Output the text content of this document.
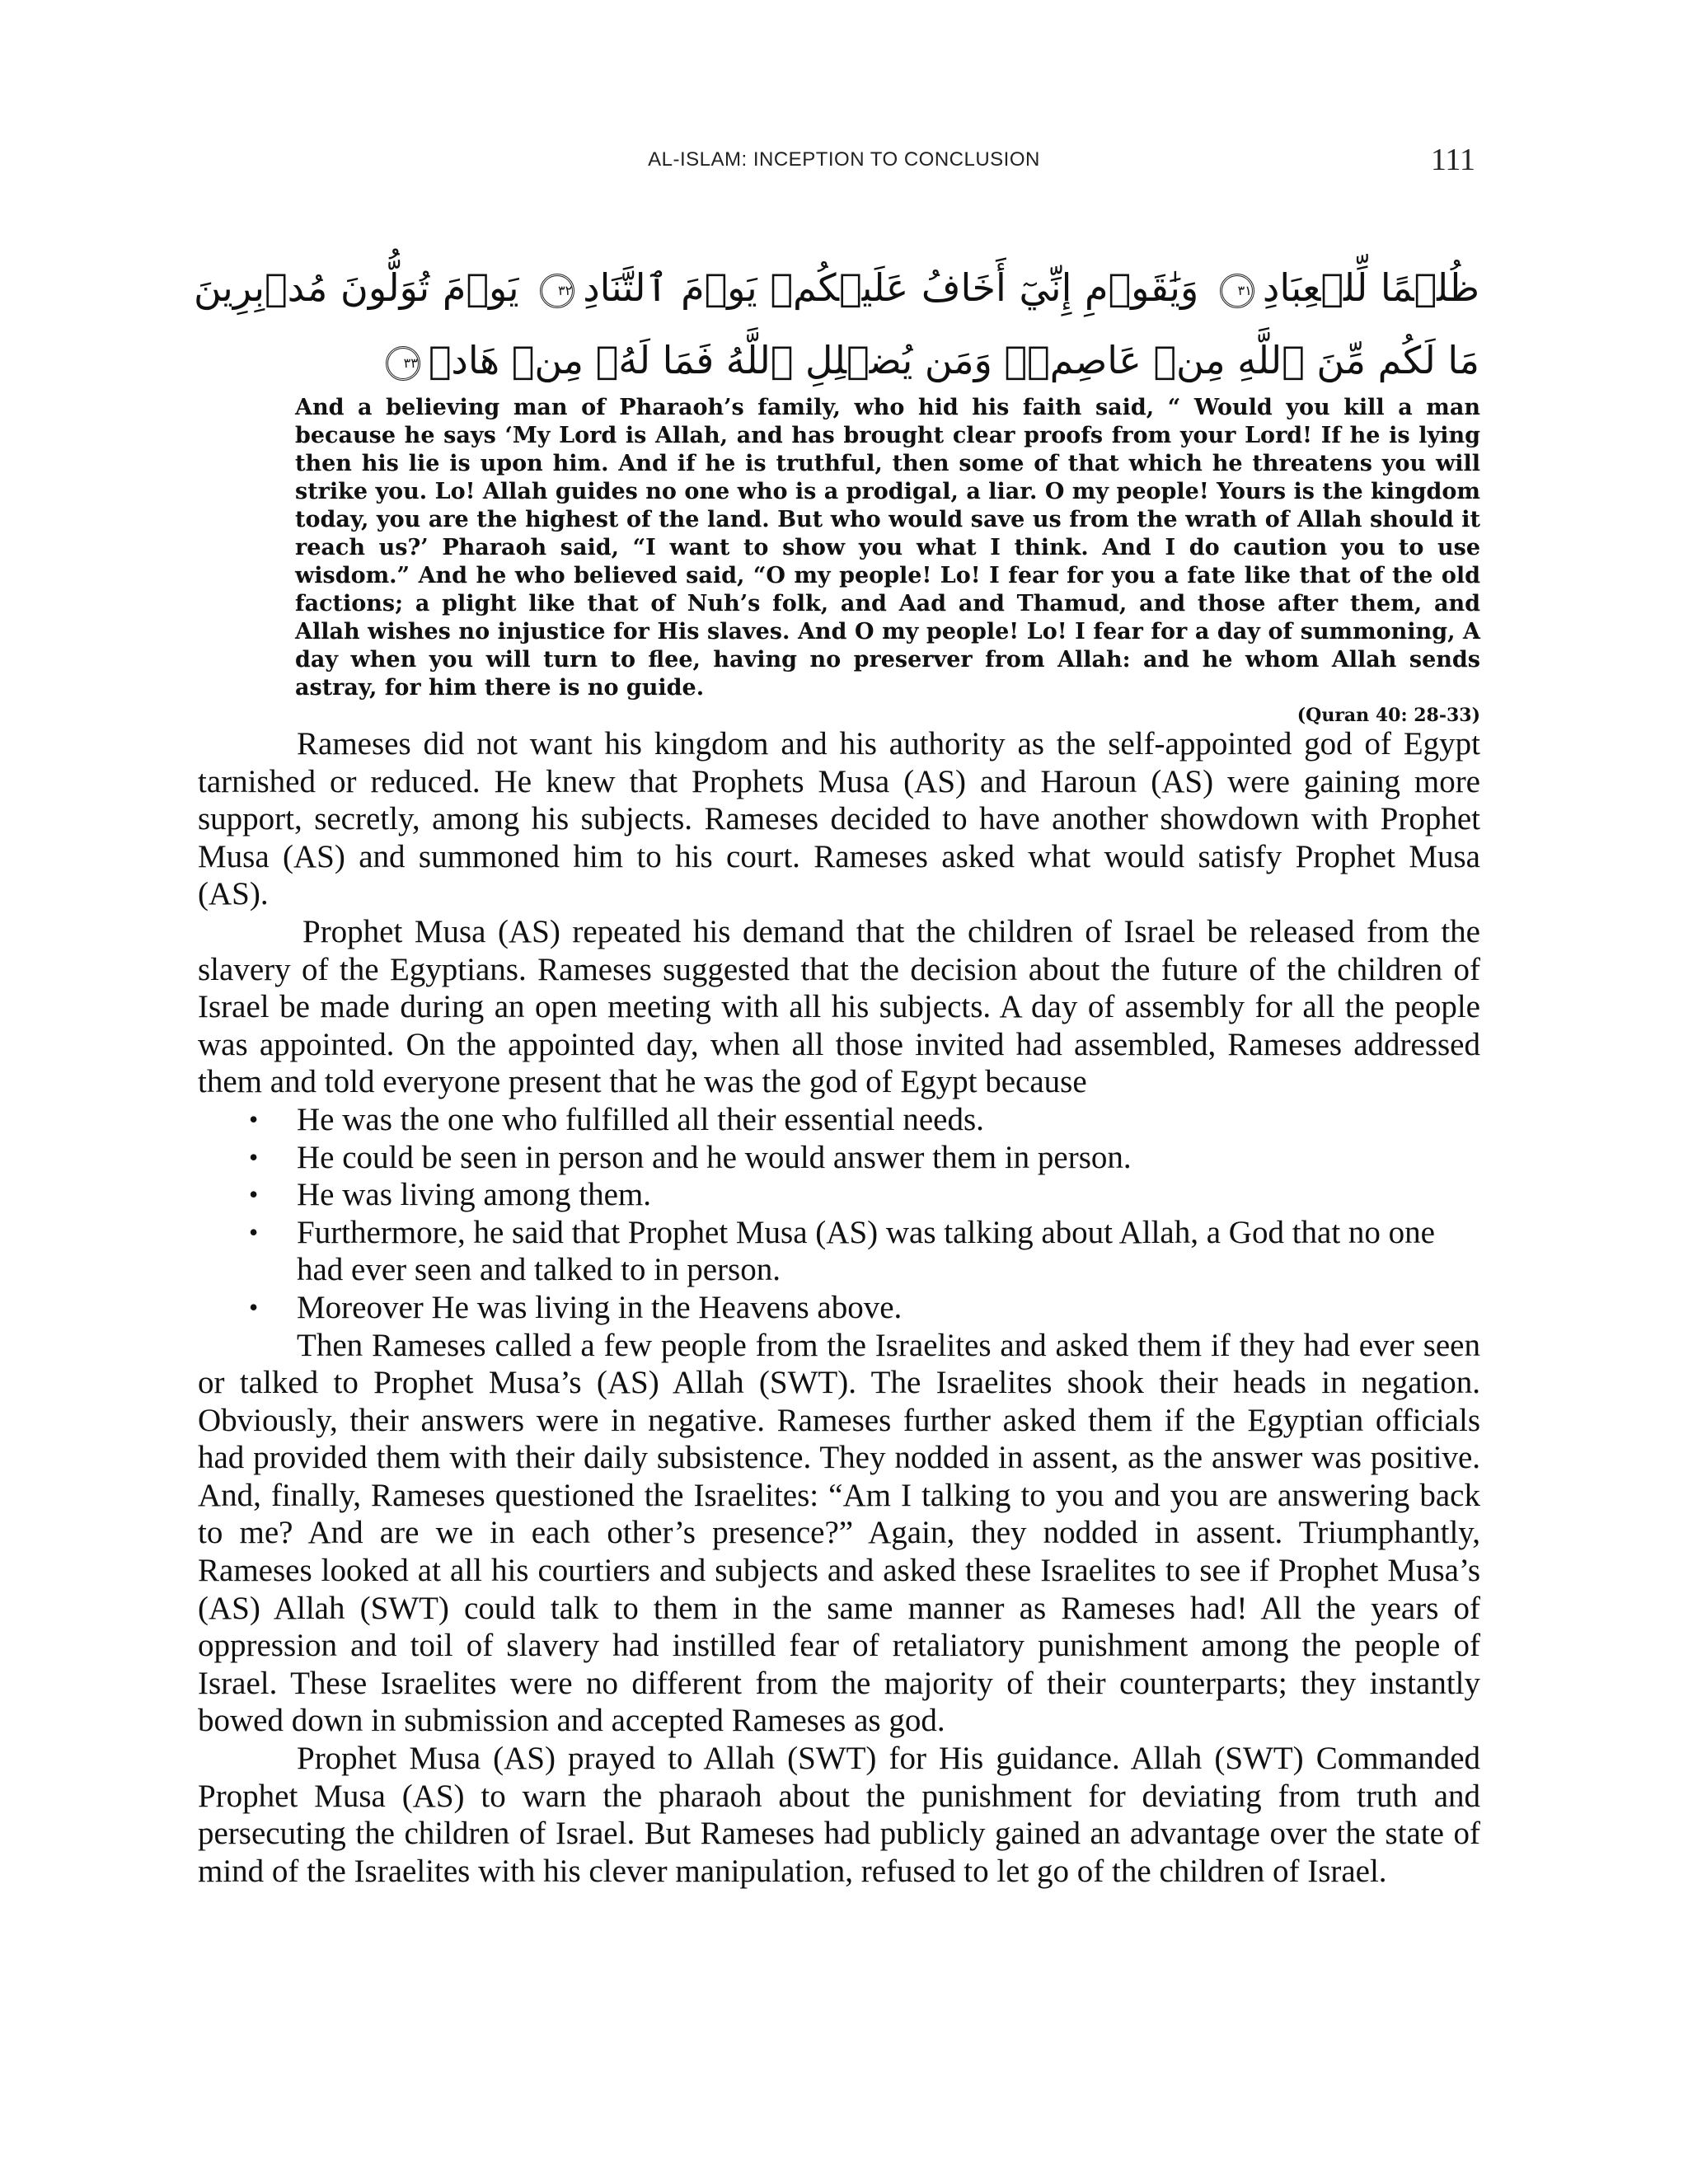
AL-ISLAM: INCEPTION TO CONCLUSION	111
ظُلۡمًا لِّلۡعِبَادِ٣١ وَيَٰقَوۡمِ إِنِّيٓ أَخَافُ عَلَيۡكُمۡ يَوۡمَ ٱلتَّنَادِ٣٢ يَوۡمَ تُوَلُّونَ مُدۡبِرِينَ مَا لَكُم مِّنَ ٱللَّهِ مِنۡ عَاصِمٖۗ وَمَن يُضۡلِلِ ٱللَّهُ فَمَا لَهُۥ مِنۡ هَادٖ٣٣

And a believing man of Pharaoh’s family, who hid his faith said, “ Would you kill a man because he says ‘My Lord is Allah, and has brought clear proofs from your Lord! If he is lying then his lie is upon him. And if he is truthful, then some of that which he threatens you will strike you. Lo! Allah guides no one who is a prodigal, a liar. O my people! Yours is the kingdom today, you are the highest of the land. But who would save us from the wrath of Allah should it reach us?’ Pharaoh said, “I want to show you what I think. And I do caution you to use wisdom.” And he who believed said, “O my people! Lo! I fear for you a fate like that of the old factions; a plight like that of Nuh’s folk, and Aad and Thamud, and those after them, and Allah wishes no injustice for His slaves. And O my people! Lo! I fear for a day of summoning, A day when you will turn to flee, having no preserver from Allah: and he whom Allah sends astray, for him there is no guide.

(Quran 40: 28-33)

Rameses did not want his kingdom and his authority as the self-appointed god of Egypt tarnished or reduced. He knew that Prophets Musa (AS) and Haroun (AS) were gaining more support, secretly, among his subjects. Rameses decided to have another showdown with Prophet Musa (AS) and summoned him to his court. Rameses asked what would satisfy Prophet Musa (AS).

Prophet Musa (AS) repeated his demand that the children of Israel be released from the slavery of the Egyptians. Rameses suggested that the decision about the future of the children of Israel be made during an open meeting with all his subjects. A day of assembly for all the people was appointed. On the appointed day, when all those invited had assembled, Rameses addressed them and told everyone present that he was the god of Egypt because

• He was the one who fulfilled all their essential needs.
• He could be seen in person and he would answer them in person.
• He was living among them.
• Furthermore, he said that Prophet Musa (AS) was talking about Allah, a God that no one had ever seen and talked to in person.
• Moreover He was living in the Heavens above.

Then Rameses called a few people from the Israelites and asked them if they had ever seen or talked to Prophet Musa’s (AS) Allah (SWT). The Israelites shook their heads in negation. Obviously, their answers were in negative. Rameses further asked them if the Egyptian officials had provided them with their daily subsistence. They nodded in assent, as the answer was positive. And, finally, Rameses questioned the Israelites: “Am I talking to you and you are answering back to me? And are we in each other’s presence?” Again, they nodded in assent. Triumphantly, Rameses looked at all his courtiers and subjects and asked these Israelites to see if Prophet Musa’s (AS) Allah (SWT) could talk to them in the same manner as Rameses had! All the years of oppression and toil of slavery had instilled fear of retaliatory punishment among the people of Israel. These Israelites were no different from the majority of their counterparts; they instantly bowed down in submission and accepted Rameses as god.

Prophet Musa (AS) prayed to Allah (SWT) for His guidance. Allah (SWT) Commanded Prophet Musa (AS) to warn the pharaoh about the punishment for deviating from truth and persecuting the children of Israel. But Rameses had publicly gained an advantage over the state of mind of the Israelites with his clever manipulation, refused to let go of the children of Israel.
